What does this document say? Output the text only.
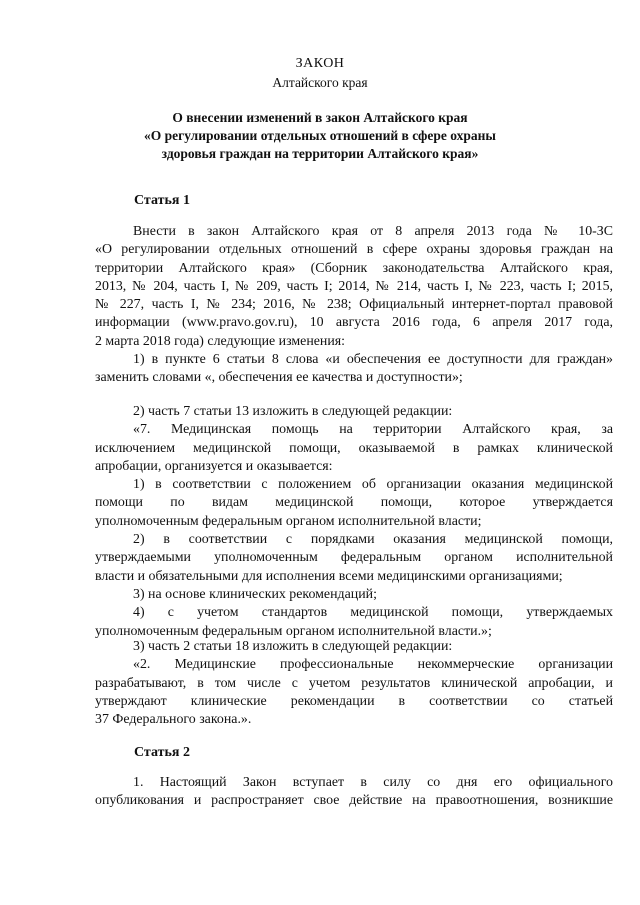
ЗАКОН
Алтайского края
О внесении изменений в закон Алтайского края
«О регулировании отдельных отношений в сфере охраны
здоровья граждан на территории Алтайского края»
Статья 1

Внести в закон Алтайского края от 8 апреля 2013 года № 10-ЗС

«О регулировании отдельных отношений в сфере охраны здоровья граждан на

территории Алтайского края» (Сборник законодательства Алтайского края,

2013, № 204, часть I, № 209, часть I; 2014, № 214, часть I, № 223, часть I; 2015,

№ 227, часть I, № 234; 2016, № 238; Официальный интернет-портал правовой

информации (www.pravo.gov.ru), 10 августа 2016 года, 6 апреля 2017 года,

2 марта 2018 года) следующие изменения:

1) в пункте 6 статьи 8 слова «и обеспечения ее доступности для граждан»

заменить словами «, обеспечения ее качества и доступности»;

2) часть 7 статьи 13 изложить в следующей редакции:

«7. Медицинская помощь на территории Алтайского края, за

исключением медицинской помощи, оказываемой в рамках клинической

апробации, организуется и оказывается:

1) в соответствии с положением об организации оказания медицинской

помощи по видам медицинской помощи, которое утверждается

уполномоченным федеральным органом исполнительной власти;

2) в соответствии с порядками оказания медицинской помощи,

утверждаемыми уполномоченным федеральным органом исполнительной

власти и обязательными для исполнения всеми медицинскими организациями;

3) на основе клинических рекомендаций;

4) с учетом стандартов медицинской помощи, утверждаемых

уполномоченным федеральным органом исполнительной власти.»;

3) часть 2 статьи 18 изложить в следующей редакции:

«2. Медицинские профессиональные некоммерческие организации

разрабатывают, в том числе с учетом результатов клинической апробации, и

утверждают клинические рекомендации в соответствии со статьей

37 Федерального закона.».

Статья 2

1. Настоящий Закон вступает в силу со дня его официального

опубликования и распространяет свое действие на правоотношения, возникшие
